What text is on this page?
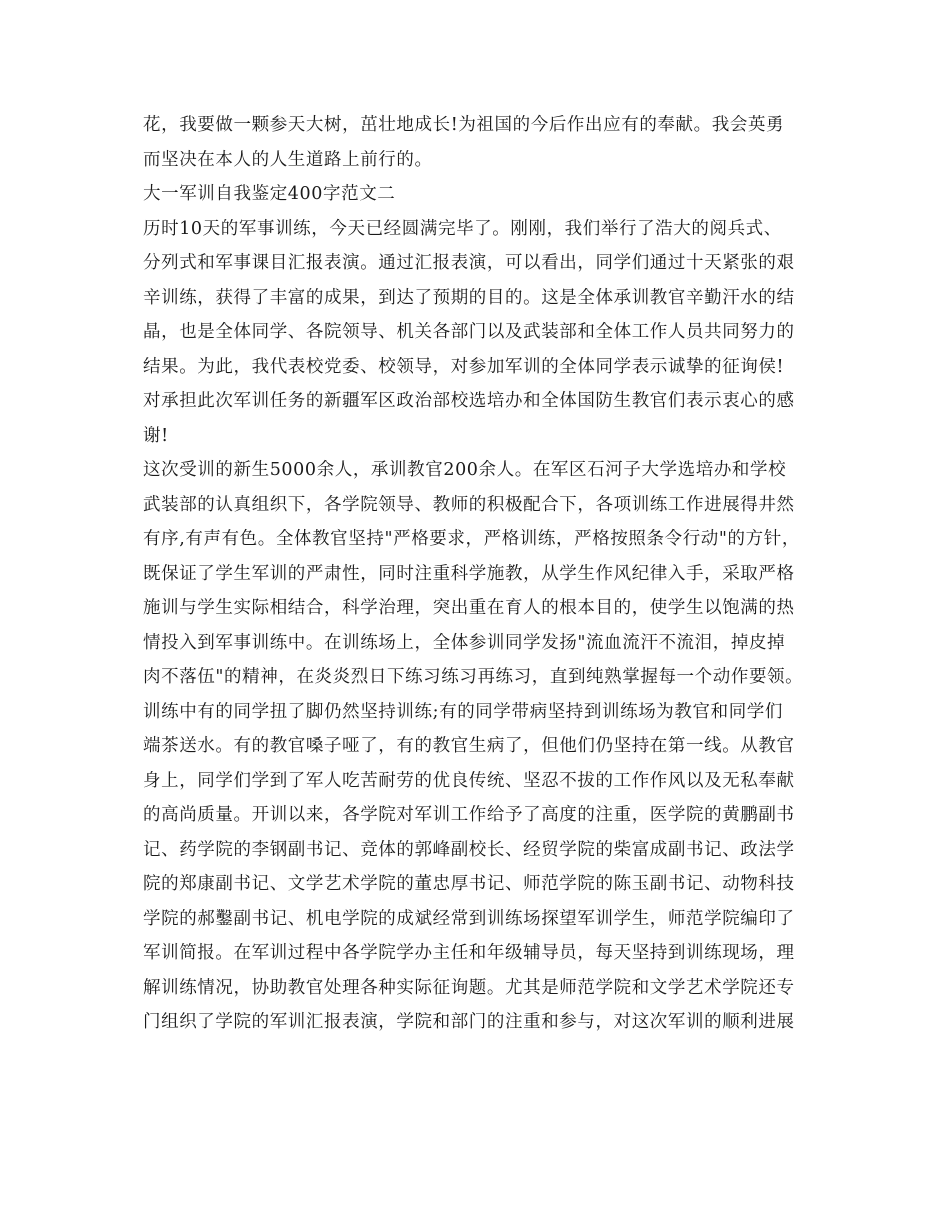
花，我要做一颗参天大树，茁壮地成长!为祖国的今后作出应有的奉献。我会英勇
而坚决在本人的人生道路上前行的。
大一军训自我鉴定400字范文二
历时10天的军事训练，今天已经圆满完毕了。刚刚，我们举行了浩大的阅兵式、
分列式和军事课目汇报表演。通过汇报表演，可以看出，同学们通过十天紧张的艰
辛训练，获得了丰富的成果，到达了预期的目的。这是全体承训教官辛勤汗水的结
晶，也是全体同学、各院领导、机关各部门以及武装部和全体工作人员共同努力的
结果。为此，我代表校党委、校领导，对参加军训的全体同学表示诚挚的征询侯!
对承担此次军训任务的新疆军区政治部校选培办和全体国防生教官们表示衷心的感
谢!
这次受训的新生5000余人，承训教官200余人。在军区石河子大学选培办和学校
武装部的认真组织下，各学院领导、教师的积极配合下，各项训练工作进展得井然
有序,有声有色。全体教官坚持"严格要求，严格训练，严格按照条令行动"的方针，
既保证了学生军训的严肃性，同时注重科学施教，从学生作风纪律入手，采取严格
施训与学生实际相结合，科学治理，突出重在育人的根本目的，使学生以饱满的热
情投入到军事训练中。在训练场上，全体参训同学发扬"流血流汗不流泪，掉皮掉
肉不落伍"的精神，在炎炎烈日下练习练习再练习，直到纯熟掌握每一个动作要领。
训练中有的同学扭了脚仍然坚持训练;有的同学带病坚持到训练场为教官和同学们
端茶送水。有的教官嗓子哑了，有的教官生病了，但他们仍坚持在第一线。从教官
身上，同学们学到了军人吃苦耐劳的优良传统、坚忍不拔的工作作风以及无私奉献
的高尚质量。开训以来，各学院对军训工作给予了高度的注重，医学院的黄鹏副书
记、药学院的李钢副书记、竞体的郭峰副校长、经贸学院的柴富成副书记、政法学
院的郑康副书记、文学艺术学院的董忠厚书记、师范学院的陈玉副书记、动物科技
学院的郝鑿副书记、机电学院的成斌经常到训练场探望军训学生，师范学院编印了
军训简报。在军训过程中各学院学办主任和年级辅导员，每天坚持到训练现场，理
解训练情况，协助教官处理各种实际征询题。尤其是师范学院和文学艺术学院还专
门组织了学院的军训汇报表演，学院和部门的注重和参与，对这次军训的顺利进展
